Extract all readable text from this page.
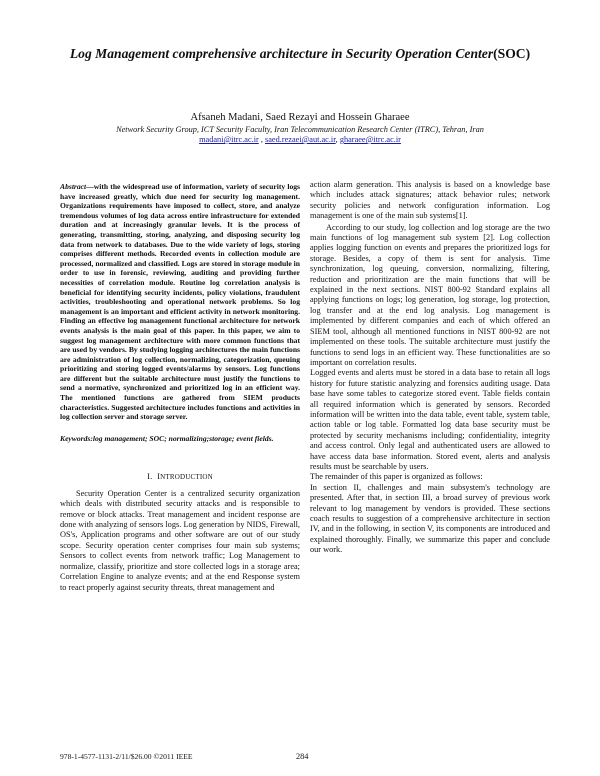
Log Management comprehensive architecture in Security Operation Center(SOC)
Afsaneh Madani, Saed Rezayi and Hossein Gharaee
Network Security Group, ICT Security Faculty, Iran Telecommunication Research Center (ITRC), Tehran, Iran
madani@itrc.ac.ir , saed.rezaei@aut.ac.ir, gharaee@itrc.ac.ir

Abstract—with the widespread use of information, variety of security logs have increased greatly, which due need for security log management. Organizations requirements have imposed to collect, store, and analyze tremendous volumes of log data across entire infrastructure for extended duration and at increasingly granular levels. It is the process of generating, transmitting, storing, analyzing, and disposing security log data from network to databases. Due to the wide variety of logs, storing comprises different methods. Recorded events in collection module are processed, normalized and classified. Logs are stored in storage module in order to use in forensic, reviewing, auditing and providing further necessities of correlation module. Routine log correlation analysis is beneficial for identifying security incidents, policy violations, fraudulent activities, troubleshooting and operational network problems. So log management is an important and efficient activity in network monitoring. Finding an effective log management functional architecture for network events analysis is the main goal of this paper. In this paper, we aim to suggest log management architecture with more common functions that are used by vendors. By studying logging architectures the main functions are administration of log collection, normalizing, categorization, queuing prioritizing and storing logged events/alarms by sensors. Log functions are different but the suitable architecture must justify the functions to send a normative, synchronized and prioritized log in an efficient way. The mentioned functions are gathered from SIEM products characteristics. Suggested architecture includes functions and activities in log collection server and storage server.

Keywords:log management; SOC; normalizing;storage; event fields.

I. INTRODUCTION

Security Operation Center is a centralized security organization which deals with distributed security attacks and is responsible to remove or block attacks. Treat management and incident response are done with analyzing of sensors logs. Log generation by NIDS, Firewall, OS's, Application programs and other software are out of our study scope. Security operation center comprises four main sub systems; Sensors to collect events from network traffic; Log Management to normalize, classify, prioritize and store collected logs in a storage area; Correlation Engine to analyze events; and at the end Response system to react properly against security threats, threat management and

action alarm generation. This analysis is based on a knowledge base which includes attack signatures; attack behavior rules; network security policies and network configuration information. Log management is one of the main sub systems[1].

According to our study, log collection and log storage are the two main functions of log management sub system [2]. Log collection applies logging function on events and prepares the prioritized logs for storage. Besides, a copy of them is sent for analysis. Time synchronization, log queuing, conversion, normalizing, filtering, reduction and prioritization are the main functions that will be explained in the next sections. NIST 800-92 Standard explains all applying functions on logs; log generation, log storage, log protection, log transfer and at the end log analysis. Log management is implemented by different companies and each of which offered an SIEM tool, although all mentioned functions in NIST 800-92 are not implemented on these tools. The suitable architecture must justify the functions to send logs in an efficient way. These functionalities are so important on correlation results.

Logged events and alerts must be stored in a data base to retain all logs history for future statistic analyzing and forensics auditing usage. Data base have some tables to categorize stored event. Table fields contain all required information which is generated by sensors. Recorded information will be written into the data table, event table, system table, action table or log table. Formatted log data base security must be protected by security mechanisms including; confidentiality, integrity and access control. Only legal and authenticated users are allowed to have access data base information. Stored event, alerts and analysis results must be searchable by users.

The remainder of this paper is organized as follows:

In section II, challenges and main subsystem's technology are presented. After that, in section III, a broad survey of previous work relevant to log management by vendors is provided. These sections coach results to suggestion of a comprehensive architecture in section IV, and in the following, in section V, its components are introduced and explained thoroughly. Finally, we summarize this paper and conclude our work.

978-1-4577-1131-2/11/$26.00 ©2011 IEEE	284
